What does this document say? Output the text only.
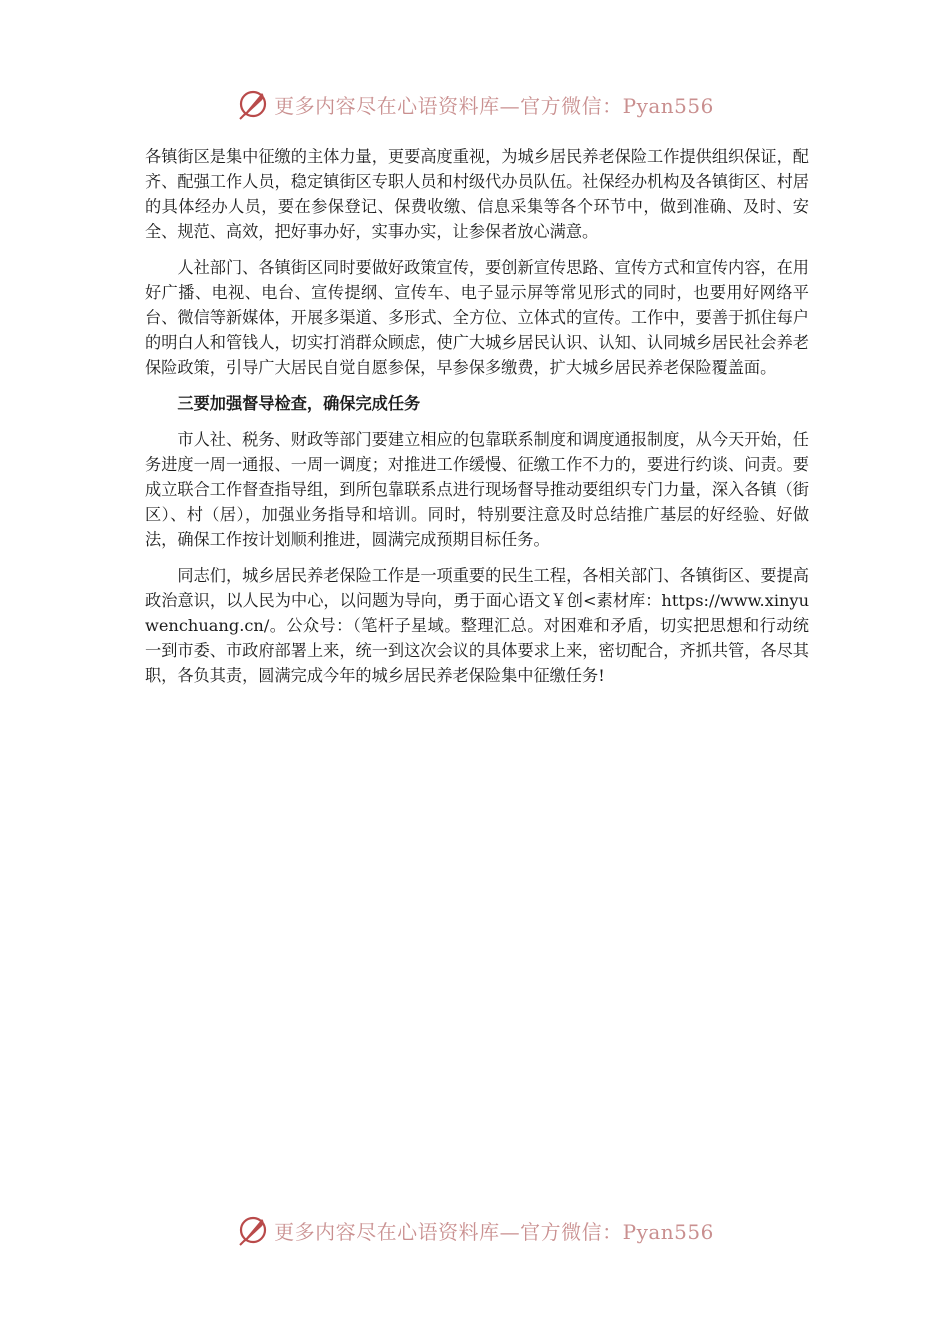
更多内容尽在心语资料库—官方微信：Pyan556

各镇街区是集中征缴的主体力量，更要高度重视，为城乡居民养老保险工作提供组织保证，配齐、配强工作人员，稳定镇街区专职人员和村级代办员队伍。社保经办机构及各镇街区、村居的具体经办人员，要在参保登记、保费收缴、信息采集等各个环节中，做到准确、及时、安全、规范、高效，把好事办好，实事办实，让参保者放心满意。

人社部门、各镇街区同时要做好政策宣传，要创新宣传思路、宣传方式和宣传内容，在用好广播、电视、电台、宣传提纲、宣传车、电子显示屏等常见形式的同时，也要用好网络平台、微信等新媒体，开展多渠道、多形式、全方位、立体式的宣传。工作中，要善于抓住每户的明白人和管钱人，切实打消群众顾虑，使广大城乡居民认识、认知、认同城乡居民社会养老保险政策，引导广大居民自觉自愿参保，早参保多缴费，扩大城乡居民养老保险覆盖面。

三要加强督导检查，确保完成任务

市人社、税务、财政等部门要建立相应的包靠联系制度和调度通报制度，从今天开始，任务进度一周一通报、一周一调度；对推进工作缓慢、征缴工作不力的，要进行约谈、问责。要成立联合工作督查指导组，到所包靠联系点进行现场督导推动要组织专门力量，深入各镇（街区）、村（居），加强业务指导和培训。同时，特别要注意及时总结推广基层的好经验、好做法，确保工作按计划顺利推进，圆满完成预期目标任务。

同志们，城乡居民养老保险工作是一项重要的民生工程，各相关部门、各镇街区、要提高政治意识，以人民为中心，以问题为导向，勇于面心语文￥创<素材库：https://www.xinyuwenchuang.cn/。公众号：（笔杆子星域。整理汇总。对困难和矛盾，切实把思想和行动统一到市委、市政府部署上来，统一到这次会议的具体要求上来，密切配合，齐抓共管，各尽其职，各负其责，圆满完成今年的城乡居民养老保险集中征缴任务!

更多内容尽在心语资料库—官方微信：Pyan556
